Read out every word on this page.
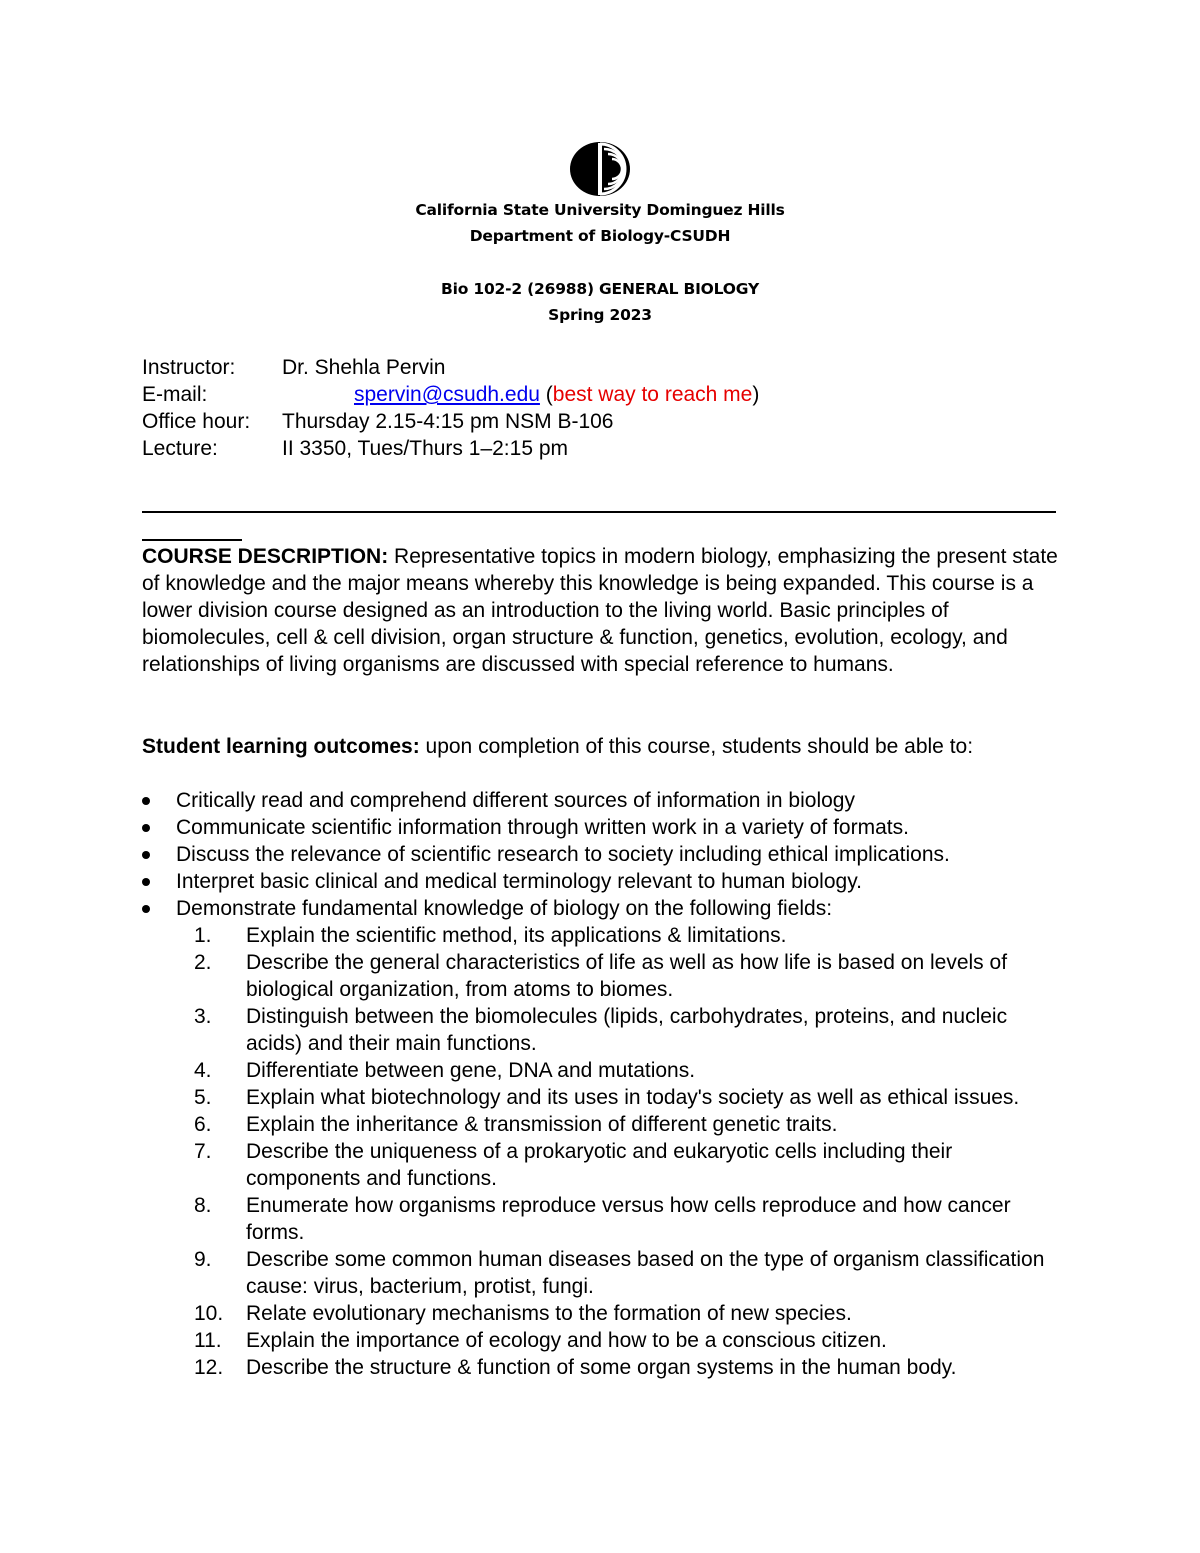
California State University Dominguez Hills
Department of Biology-CSUDH
Bio 102-2 (26988) GENERAL BIOLOGY
Spring 2023
Instructor: Dr. Shehla Pervin
E-mail:	spervin@csudh.edu (best way to reach me)
Office hour: Thursday 2.15-4:15 pm NSM B-106
Lecture:	II 3350, Tues/Thurs 1–2:15 pm
COURSE DESCRIPTION: Representative topics in modern biology, emphasizing the present state of knowledge and the major means whereby this knowledge is being expanded. This course is a lower division course designed as an introduction to the living world. Basic principles of biomolecules, cell & cell division, organ structure & function, genetics, evolution, ecology, and relationships of living organisms are discussed with special reference to humans.
Student learning outcomes: upon completion of this course, students should be able to:
Critically read and comprehend different sources of information in biology
Communicate scientific information through written work in a variety of formats.
Discuss the relevance of scientific research to society including ethical implications.
Interpret basic clinical and medical terminology relevant to human biology.
Demonstrate fundamental knowledge of biology on the following fields:
1.	Explain the scientific method, its applications & limitations.
2.	Describe the general characteristics of life as well as how life is based on levels of biological organization, from atoms to biomes.
3.	Distinguish between the biomolecules (lipids, carbohydrates, proteins, and nucleic acids) and their main functions.
4.	Differentiate between gene, DNA and mutations.
5.	Explain what biotechnology and its uses in today's society as well as ethical issues.
6.	Explain the inheritance & transmission of different genetic traits.
7.	Describe the uniqueness of a prokaryotic and eukaryotic cells including their components and functions.
8.	Enumerate how organisms reproduce versus how cells reproduce and how cancer forms.
9.	Describe some common human diseases based on the type of organism classification cause: virus, bacterium, protist, fungi.
10.	Relate evolutionary mechanisms to the formation of new species.
11.	Explain the importance of ecology and how to be a conscious citizen.
12.	Describe the structure & function of some organ systems in the human body.
